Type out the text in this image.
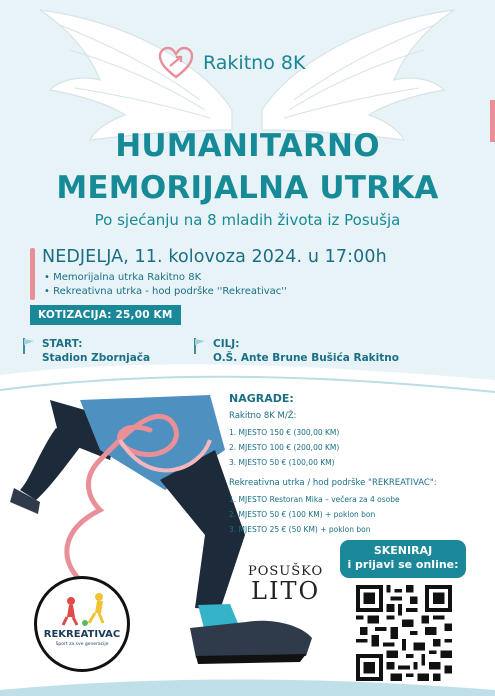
Rakitno 8K
HUMANITARNO
MEMORIJALNA UTRKA
Po sjećanju na 8 mladih života iz Posušja
NEDJELJA, 11. kolovoza 2024. u 17:00h
• Memorijalna utrka Rakitno 8K
• Rekreativna utrka - hod podrške ''Rekreativac''
KOTIZACIJA: 25,00 KM
START:
Stadion Zbornjača
CILJ:
O.Š. Ante Brune Bušića Rakitno
NAGRADE:
Rakitno 8K M/Ž:
1. MJESTO 150 € (300,00 KM)
2. MJESTO 100 € (200,00 KM)
3. MJESTO 50 € (100,00 KM)
Rekreativna utrka / hod podrške "REKREATIVAC":
1. MJESTO Restoran Mika – večera za 4 osobe
2. MJESTO 50 € (100 KM) + poklon bon
3. MJESTO 25 € (50 KM) + poklon bon
SKENIRAJ
i prijavi se online:
POSUŠKO
LITO
REKREATIVAC
Sport za sve generacije
